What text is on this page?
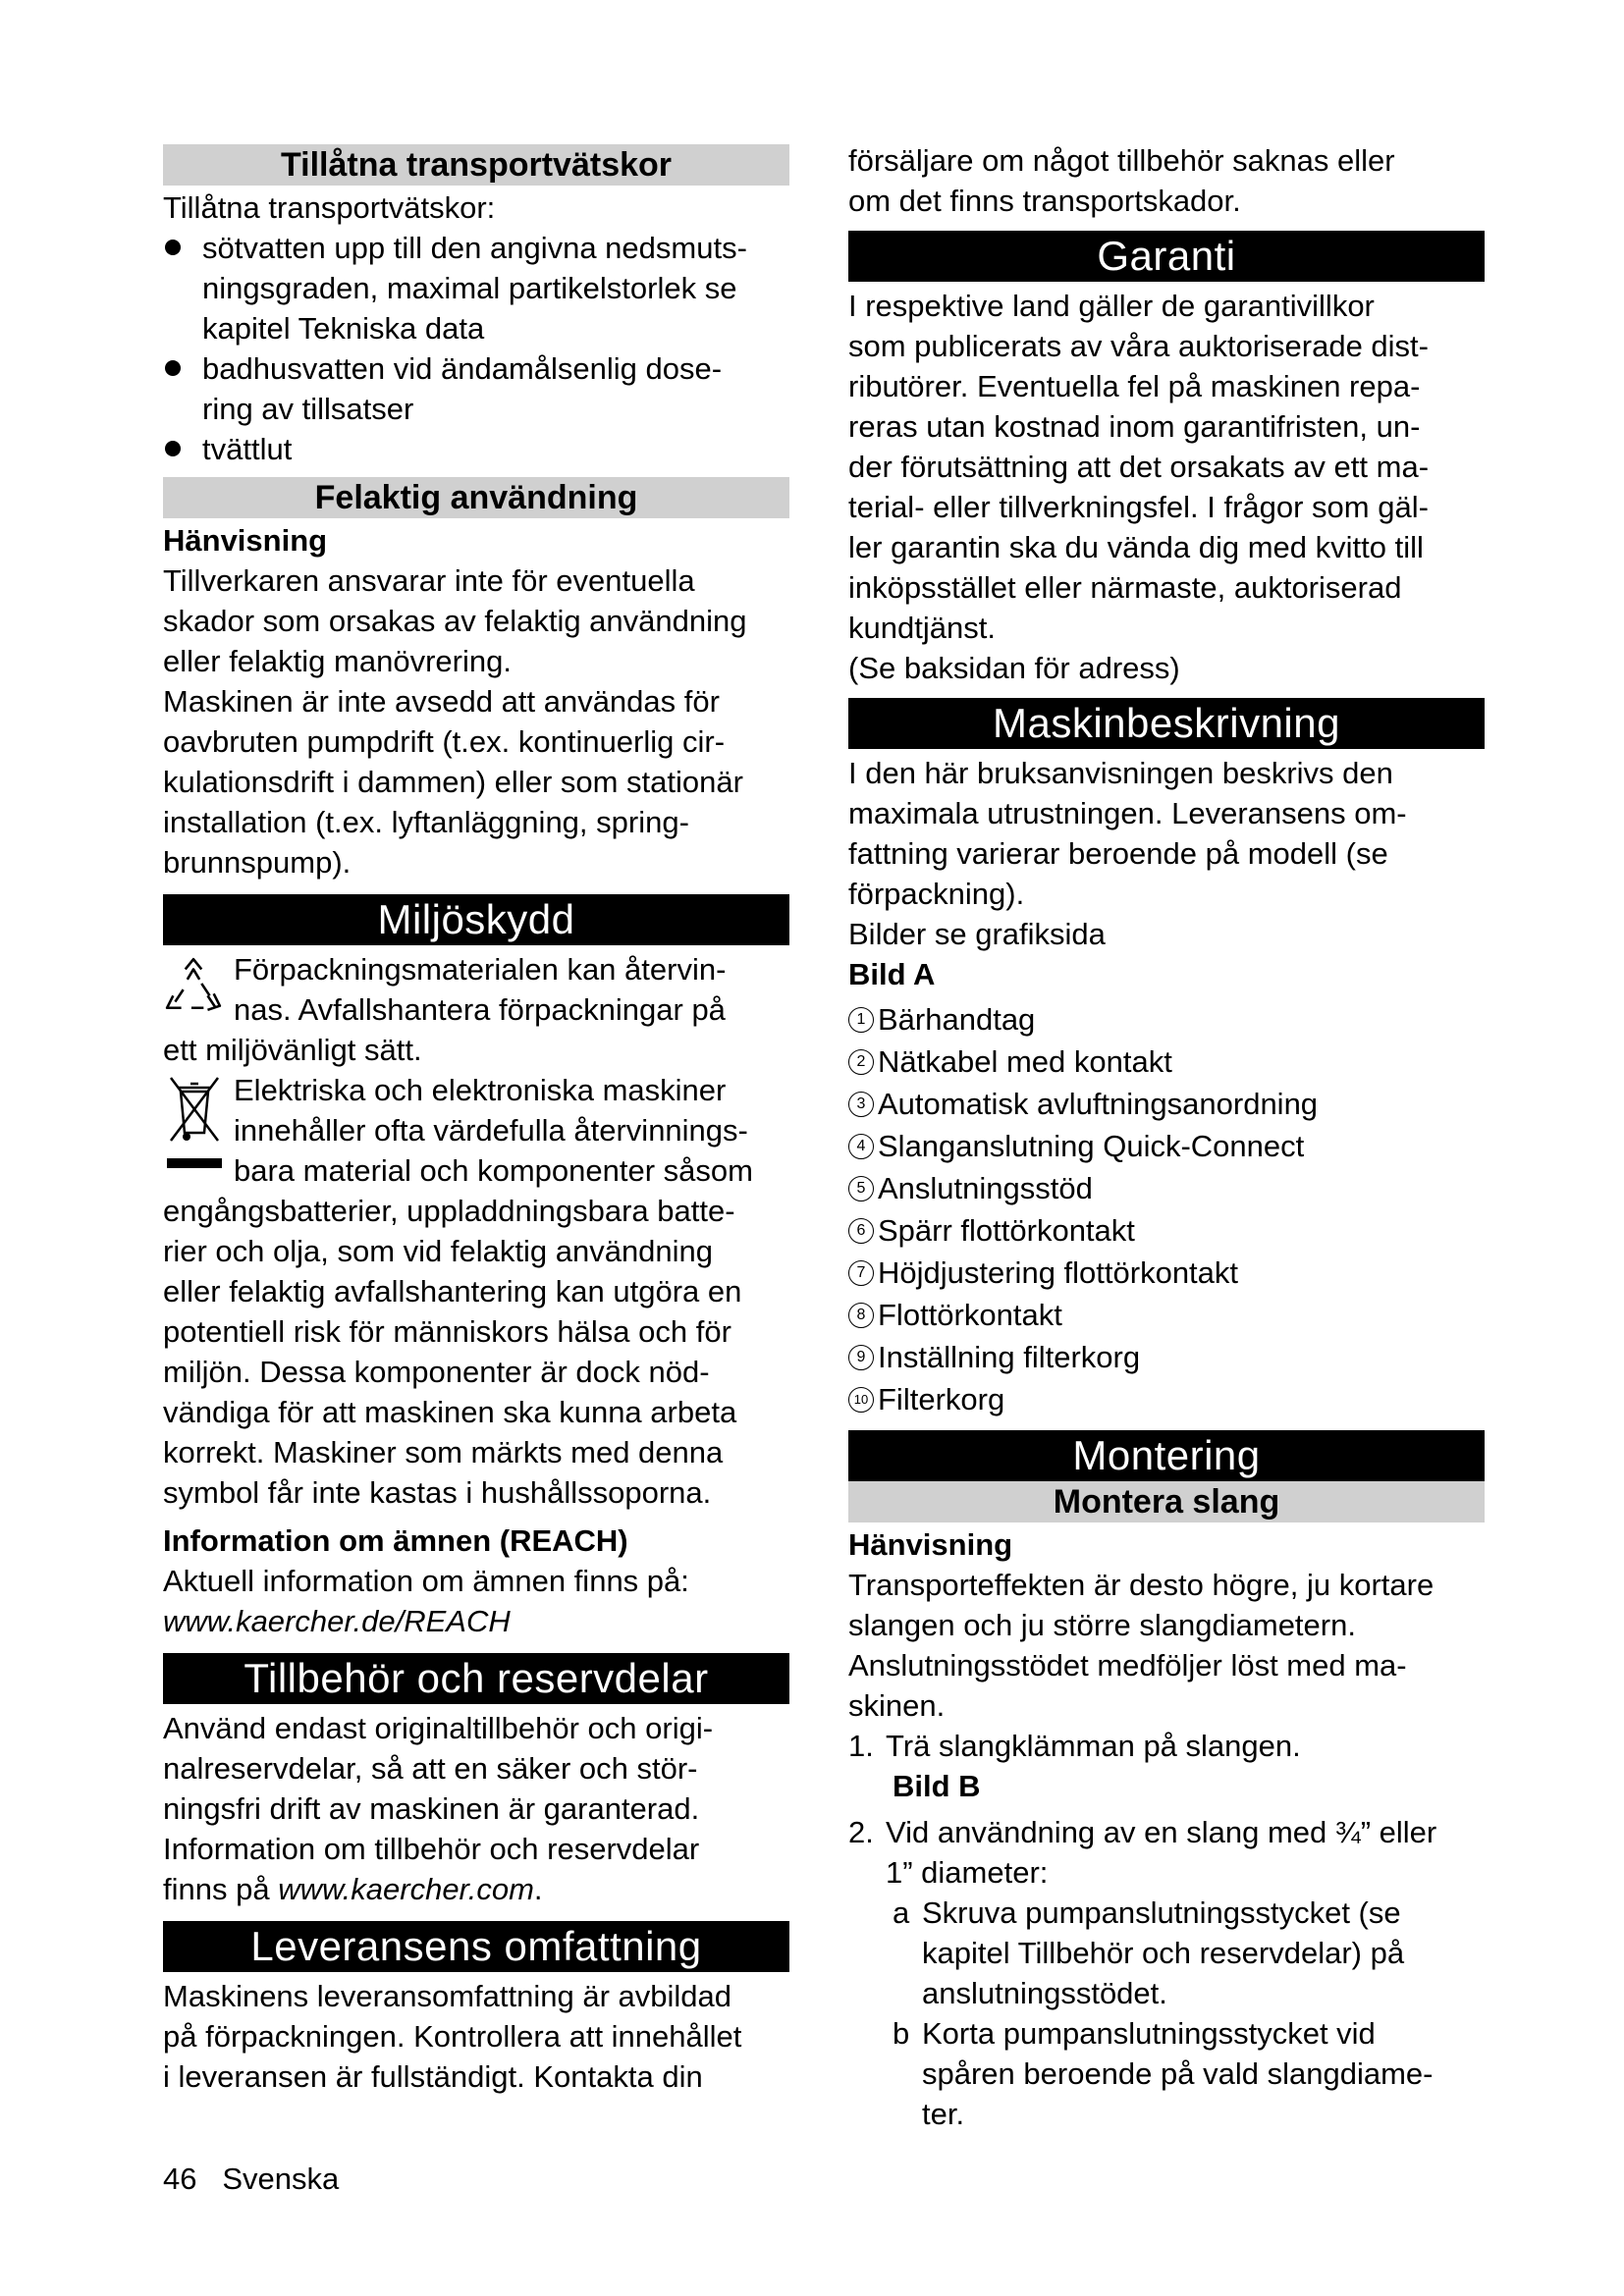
Tillåtna transportvätskor

Tillåtna transportvätskor:

sötvatten upp till den angivna nedsmuts-
ningsgraden, maximal partikelstorlek se
kapitel Tekniska data
badhusvatten vid ändamålsenlig dose-
ring av tillsatser
tvättlut
Felaktig användning

Hänvisning

Tillverkaren ansvarar inte för eventuella
skador som orsakas av felaktig användning
eller felaktig manövrering.
Maskinen är inte avsedd att användas för
oavbruten pumpdrift (t.ex. kontinuerlig cir-
kulationsdrift i dammen) eller som stationär
installation (t.ex. lyftanläggning, spring-
brunnspump).
Miljöskydd
Förpackningsmaterialen kan återvin-
nas. Avfallshantera förpackningar på
ett miljövänligt sätt.
Elektriska och elektroniska maskiner
innehåller ofta värdefulla återvinnings-
bara material och komponenter såsom
engångsbatterier, uppladdningsbara batte-
rier och olja, som vid felaktig användning
eller felaktig avfallshantering kan utgöra en
potentiell risk för människors hälsa och för
miljön. Dessa komponenter är dock nöd-
vändiga för att maskinen ska kunna arbeta
korrekt. Maskiner som märkts med denna
symbol får inte kastas i hushållssoporna.

Information om ämnen (REACH)

Aktuell information om ämnen finns på:

www.kaercher.de/REACH

Tillbehör och reservdelar
Använd endast originaltillbehör och origi-
nalreservdelar, så att en säker och stör-
ningsfri drift av maskinen är garanterad.
Information om tillbehör och reservdelar
finns på www.kaercher.com.
Leveransens omfattning
Maskinens leveransomfattning är avbildad
på förpackningen. Kontrollera att innehållet
i leveransen är fullständigt. Kontakta din
försäljare om något tillbehör saknas eller
om det finns transportskador.
Garanti
I respektive land gäller de garantivillkor
som publicerats av våra auktoriserade dist-
ributörer. Eventuella fel på maskinen repa-
reras utan kostnad inom garantifristen, un-
der förutsättning att det orsakats av ett ma-
terial- eller tillverkningsfel. I frågor som gäl-
ler garantin ska du vända dig med kvitto till
inköpsstället eller närmaste, auktoriserad
kundtjänst.
(Se baksidan för adress)
Maskinbeskrivning
I den här bruksanvisningen beskrivs den
maximala utrustningen. Leveransens om-
fattning varierar beroende på modell (se
förpackning).
Bilder se grafiksida

Bild A

1 Bärhandtag
2 Nätkabel med kontakt
3 Automatisk avluftningsanordning
4 Slanganslutning Quick-Connect
5 Anslutningsstöd
6 Spärr flottörkontakt
7 Höjdjustering flottörkontakt
8 Flottörkontakt
9 Inställning filterkorg
10 Filterkorg
Montering
Montera slang

Hänvisning

Transporteffekten är desto högre, ju kortare
slangen och ju större slangdiametern.
Anslutningsstödet medföljer löst med ma-
skinen.
1. Trä slangklämman på slangen.

Bild B

2. Vid användning av en slang med ¾” eller
1” diameter:
a Skruva pumpanslutningsstycket (se
kapitel Tillbehör och reservdelar) på
anslutningsstödet.
b Korta pumpanslutningsstycket vid
spåren beroende på vald slangdiame-
ter.
46 Svenska
